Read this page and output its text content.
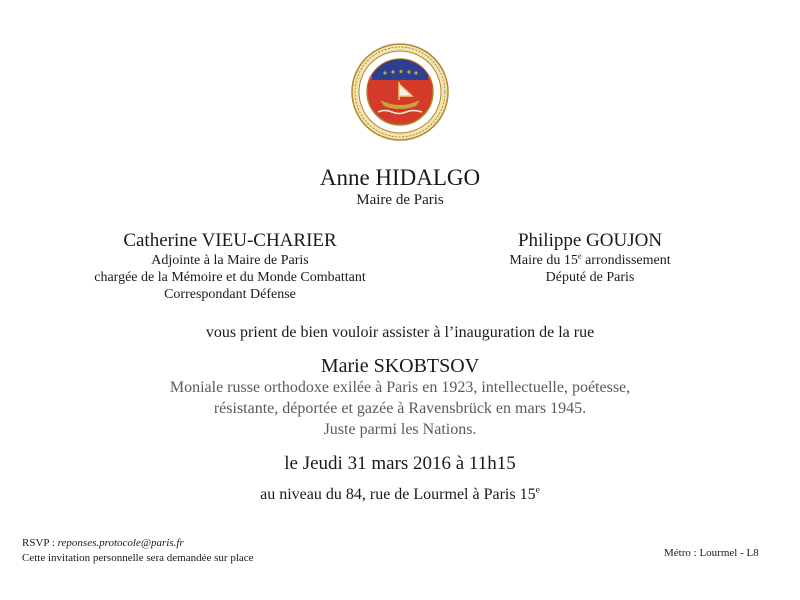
Anne HIDALGO
Maire de Paris
Catherine VIEU-CHARIER
Adjointe à la Maire de Paris
chargée de la Mémoire et du Monde Combattant
Correspondant Défense
Philippe GOUJON
Maire du 15e arrondissement
Député de Paris
vous prient de bien vouloir assister à l’inauguration de la rue
Marie SKOBTSOV
Moniale russe orthodoxe exilée à Paris en 1923, intellectuelle, poétesse,
résistante, déportée et gazée à Ravensbrück en mars 1945.
Juste parmi les Nations.
le Jeudi 31 mars 2016 à 11h15
au niveau du 84, rue de Lourmel à Paris 15e
RSVP : reponses.protocole@paris.fr
Cette invitation personnelle sera demandée sur place	Métro : Lourmel - L8
